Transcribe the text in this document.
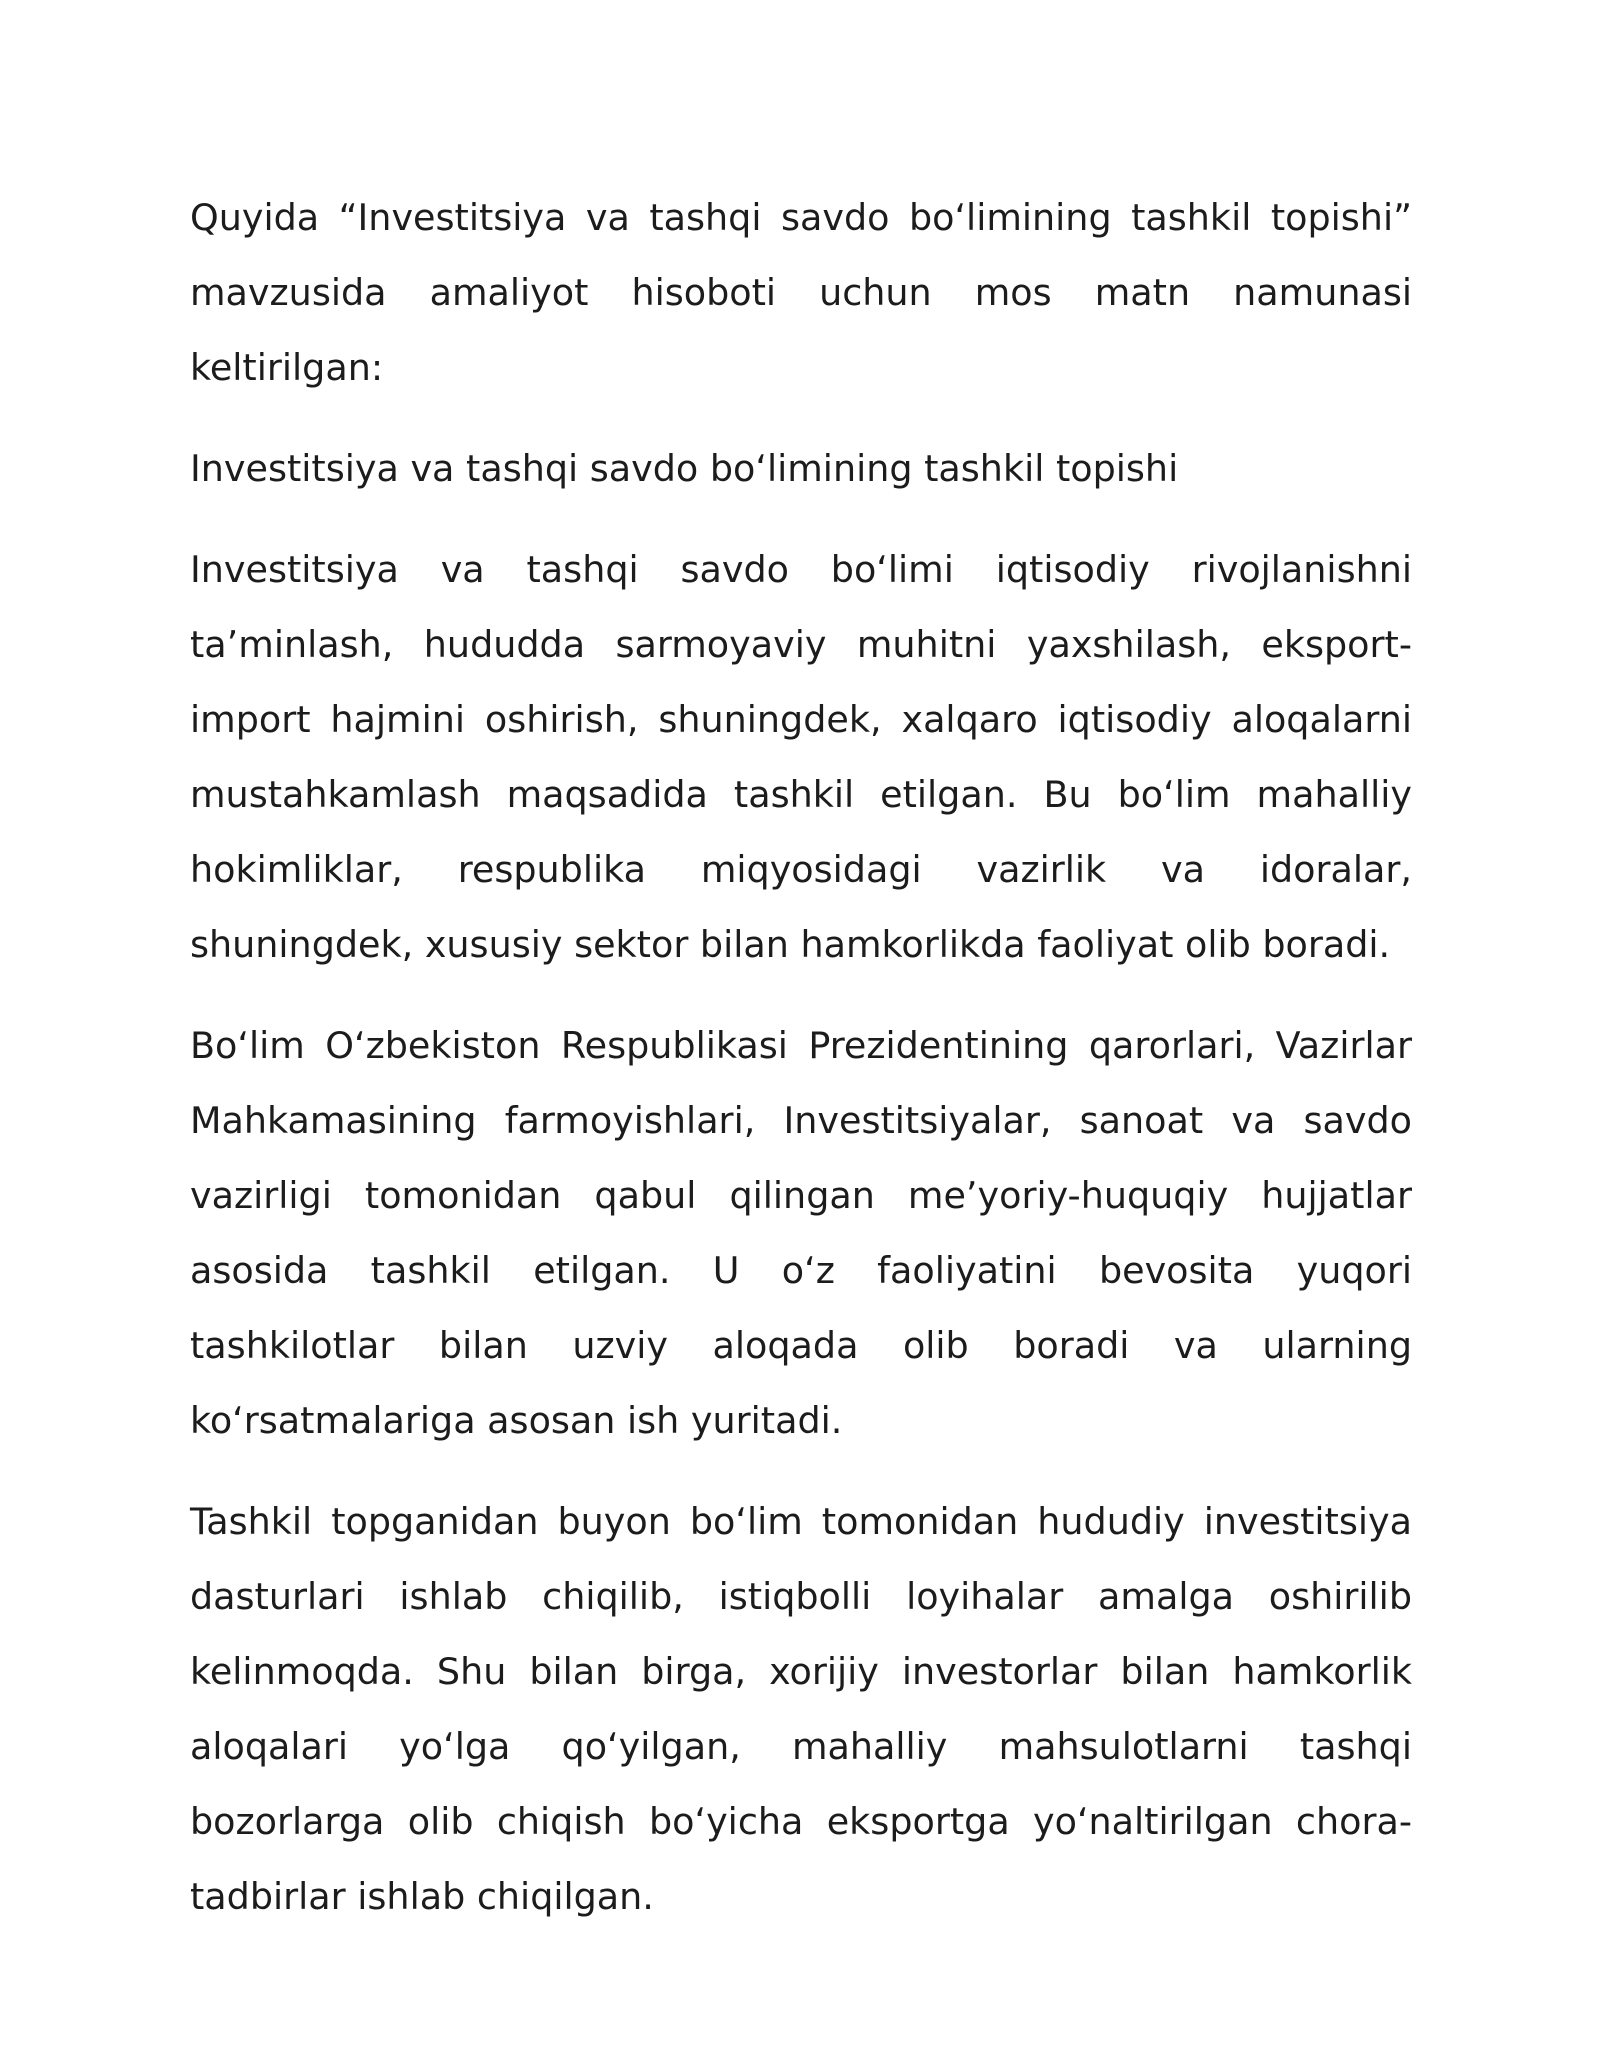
Quyida “Investitsiya va tashqi savdo boʻlimining tashkil topishi” mavzusida amaliyot hisoboti uchun mos matn namunasi keltirilgan:

Investitsiya va tashqi savdo boʻlimining tashkil topishi

Investitsiya va tashqi savdo boʻlimi iqtisodiy rivojlanishni ta’minlash, hududda sarmoyaviy muhitni yaxshilash, eksport-import hajmini oshirish, shuningdek, xalqaro iqtisodiy aloqalarni mustahkamlash maqsadida tashkil etilgan. Bu boʻlim mahalliy hokimliklar, respublika miqyosidagi vazirlik va idoralar, shuningdek, xususiy sektor bilan hamkorlikda faoliyat olib boradi.

Boʻlim Oʻzbekiston Respublikasi Prezidentining qarorlari, Vazirlar Mahkamasining farmoyishlari, Investitsiyalar, sanoat va savdo vazirligi tomonidan qabul qilingan me’yoriy-huquqiy hujjatlar asosida tashkil etilgan. U oʻz faoliyatini bevosita yuqori tashkilotlar bilan uzviy aloqada olib boradi va ularning koʻrsatmalariga asosan ish yuritadi.

Tashkil topganidan buyon boʻlim tomonidan hududiy investitsiya dasturlari ishlab chiqilib, istiqbolli loyihalar amalga oshirilib kelinmoqda. Shu bilan birga, xorijiy investorlar bilan hamkorlik aloqalari yoʻlga qoʻyilgan, mahalliy mahsulotlarni tashqi bozorlarga olib chiqish boʻyicha eksportga yoʻnaltirilgan chora-tadbirlar ishlab chiqilgan.
